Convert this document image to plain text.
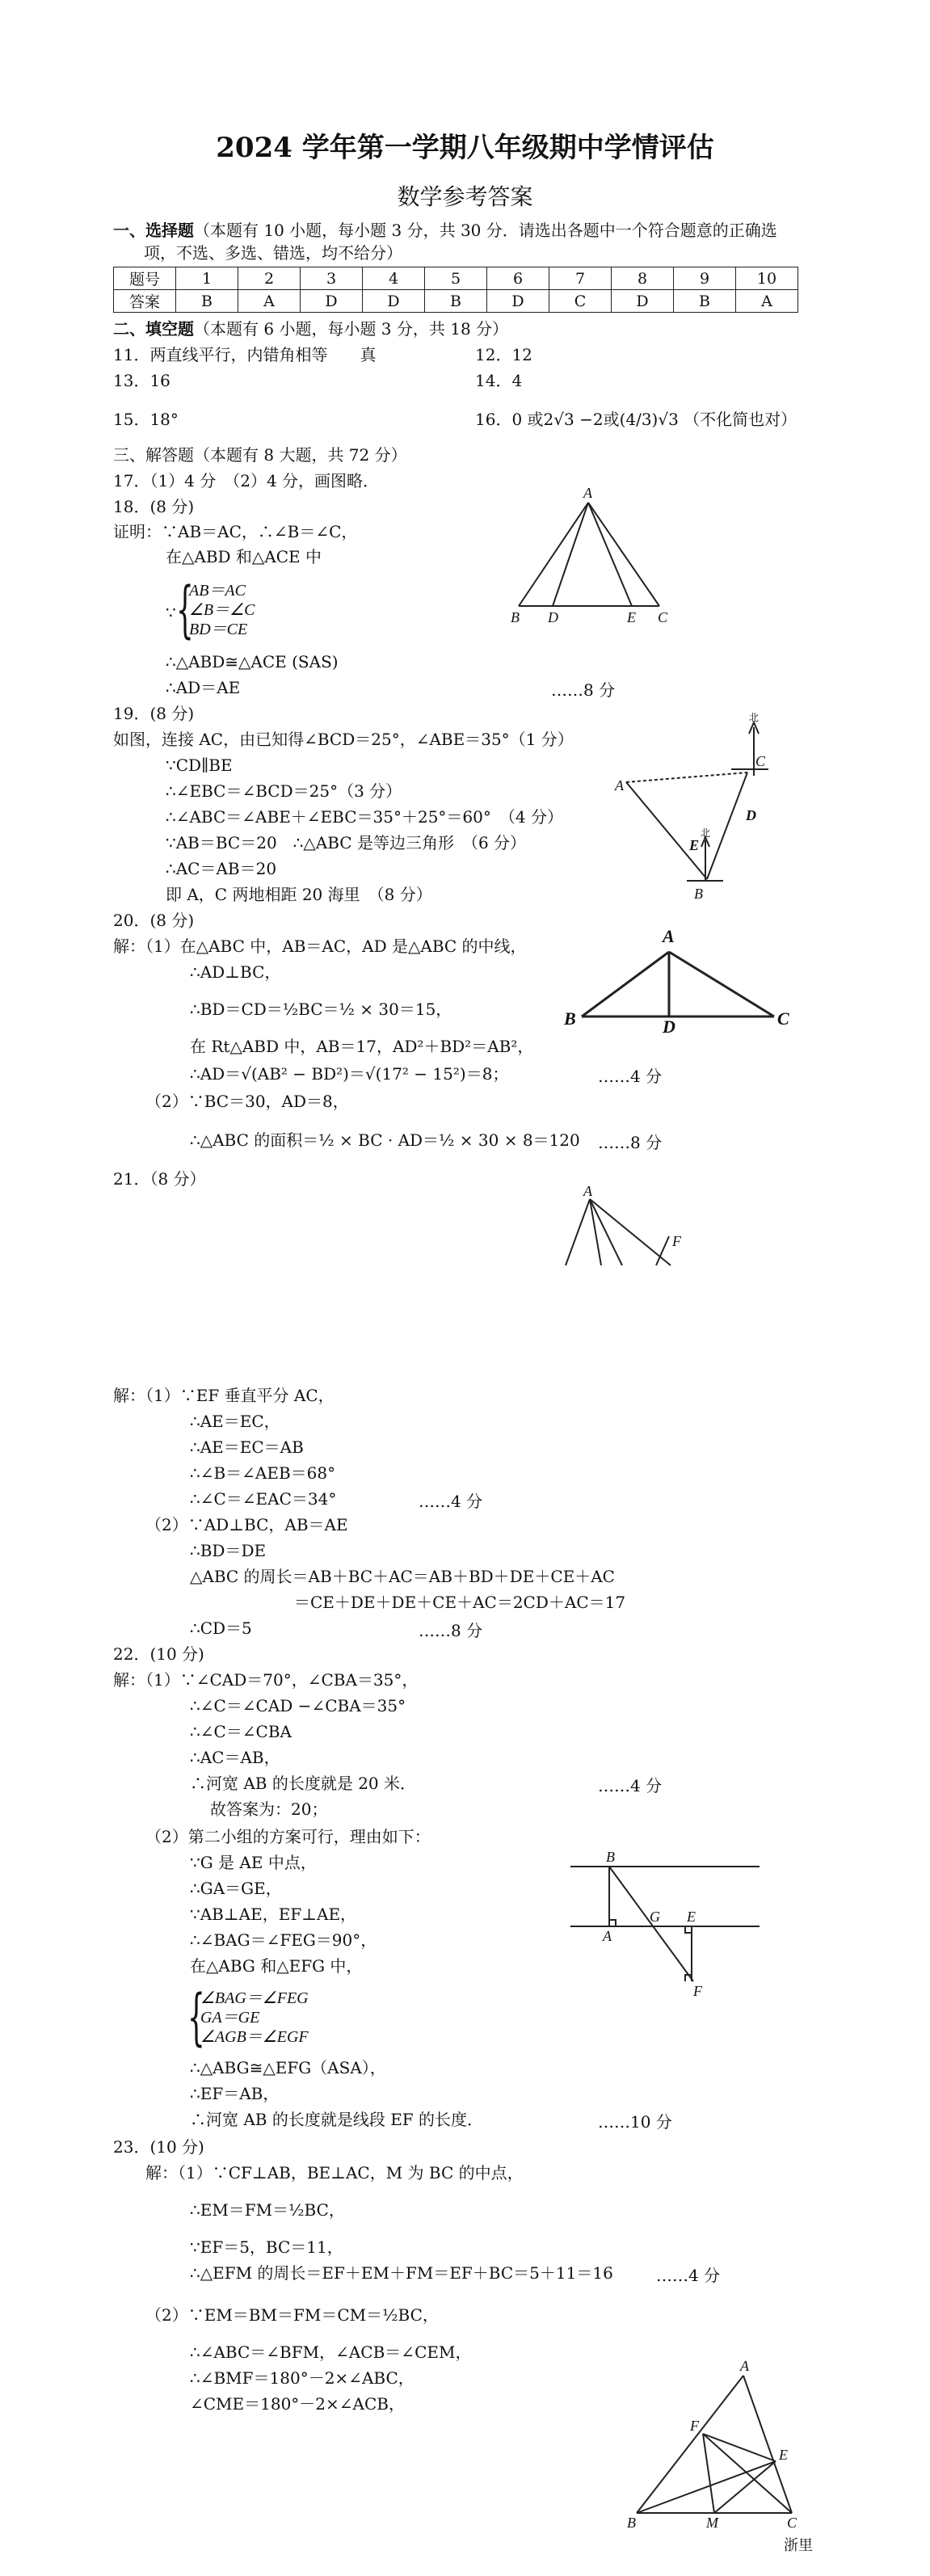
2024 学年第一学期八年级期中学情评估
数学参考答案
一、选择题（本题有 10 小题，每小题 3 分，共 30 分．请选出各题中一个符合题意的正确选
项，不选、多选、错选，均不给分）
题号	1	2	3	4	5	6	7	8	9	10
答案	B	A	D	D	B	D	C	D	B	A
二、填空题（本题有 6 小题，每小题 3 分，共 18 分）
11．两直线平行，内错角相等　　真	12．12
13．16	14．4
15．18°	16．0 或2√3 −2或(4/3)√3 （不化简也对）
三、解答题（本题有 8 大题，共 72 分）
17．（1）4 分　（2）4 分，画图略．
18．(8 分)
证明：∵AB＝AC，∴∠B＝∠C，
在△ABD 和△ACE 中
∵ {
AB＝AC
∠B＝∠C
BD＝CE
∴△ABD≅△ACE (SAS)
∴AD＝AE	……8 分
A
B D	E C
19．(8 分)
如图，连接 AC，由已知得∠BCD＝25°，∠ABE＝35°（1 分）
∵CD∥BE
∴∠EBC＝∠BCD＝25°（3 分）
∴∠ABC＝∠ABE＋∠EBC＝35°＋25°＝60°　（4 分）
∵AB＝BC＝20　∴△ABC 是等边三角形　（6 分）
∴AC＝AB＝20
即 A，C 两地相距 20 海里　（8 分）
北
北
A
C
D
E
B
20．(8 分)
解：（1）在△ABC 中，AB＝AC，AD 是△ABC 的中线，
∴AD⊥BC，
∴BD＝CD＝½BC＝½ × 30＝15，
在 Rt△ABD 中，AB＝17，AD²＋BD²＝AB²，
∴AD＝√(AB² − BD²)＝√(17² − 15²)＝8；	……4 分
（2）∵BC＝30，AD＝8，
∴△ABC 的面积＝½ × BC · AD＝½ × 30 × 8＝120 ……8 分
A
B	D	C
21．（8 分）
A
F
解：（1）∵EF 垂直平分 AC，
∴AE＝EC，
∴AE＝EC＝AB
∴∠B＝∠AEB＝68°
∴∠C＝∠EAC＝34°	……4 分
（2）∵AD⊥BC，AB＝AE
∴BD＝DE
△ABC 的周长＝AB＋BC＋AC＝AB＋BD＋DE＋CE＋AC
＝CE＋DE＋DE＋CE＋AC＝2CD＋AC＝17
∴CD＝5	……8 分
22．(10 分)
解：（1）∵∠CAD＝70°，∠CBA＝35°，
∴∠C＝∠CAD −∠CBA＝35°
∴∠C＝∠CBA
∴AC＝AB，
∴河宽 AB 的长度就是 20 米．	……4 分
故答案为：20；
（2）第二小组的方案可行，理由如下：
∵G 是 AE 中点，
∴GA＝GE，
∵AB⊥AE，EF⊥AE，
∴∠BAG＝∠FEG＝90°，
在△ABG 和△EFG 中，
{
∠BAG＝∠FEG
GA＝GE
∠AGB＝∠EGF
∴△ABG≅△EFG（ASA），
∴EF＝AB，
∴河宽 AB 的长度就是线段 EF 的长度．	……10 分
B
A
G E
F
23．(10 分)
解：（1）∵CF⊥AB，BE⊥AC，M 为 BC 的中点，
∴EM＝FM＝½BC，
∵EF＝5，BC＝11，
∴△EFM 的周长＝EF＋EM＋FM＝EF＋BC＝5＋11＝16	……4 分
（2）∵EM＝BM＝FM＝CM＝½BC，
∴∠ABC＝∠BFM，∠ACB＝∠CEM，
∴∠BMF＝180°－2×∠ABC，
∠CME＝180°－2×∠ACB，
A
F
E
B	M	C
浙里
